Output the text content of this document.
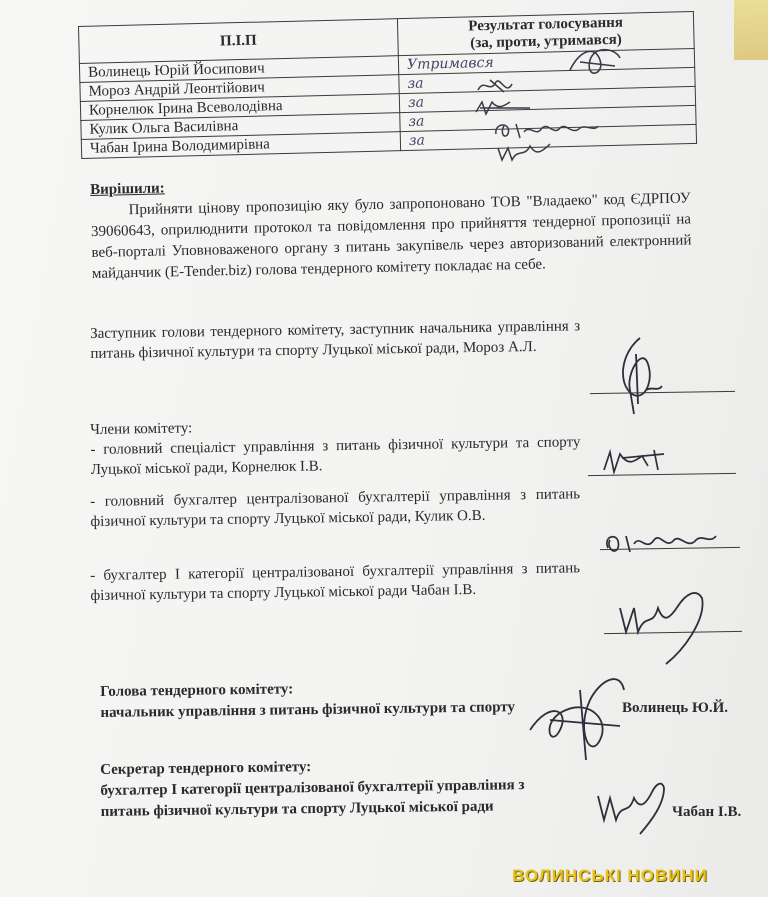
П.І.П	Результат голосування
(за, проти, утримався)
Волинець Юрій Йосипович	Утримався
Мороз Андрій Леонтійович	за
Корнелюк Ірина Всеволодівна	за
Кулик Ольга Василівна	за
Чабан Ірина Володимирівна	за
Вирішили:

Прийняти цінову пропозицію яку було запропоновано ТОВ "Владаеко" код ЄДРПОУ 39060643, оприлюднити протокол та повідомлення про прийняття тендерної пропозиції на веб-порталі Уповноваженого органу з питань закупівель через авторизований електронний майданчик (E-Tender.biz) голова тендерного комітету покладає на себе.

Заступник голови тендерного комітету, заступник начальника управління з питань фізичної культури та спорту Луцької міської ради, Мороз А.Л.
Члени комітету:
- головний спеціаліст управління з питань фізичної культури та спорту Луцької міської ради, Корнелюк І.В.
- головний бухгалтер централізованої бухгалтерії управління з питань фізичної культури та спорту Луцької міської ради, Кулик О.В.
- бухгалтер І категорії централізованої бухгалтерії управління з питань фізичної культури та спорту Луцької міської ради Чабан І.В.
Голова тендерного комітету:
начальник управління з питань фізичної культури та спорту	Волинець Ю.Й.
Секретар тендерного комітету:
бухгалтер І категорії централізованої бухгалтерії управління з питань фізичної культури та спорту Луцької міської ради	Чабан І.В.
ВОЛИНСЬКІ НОВИНИ
